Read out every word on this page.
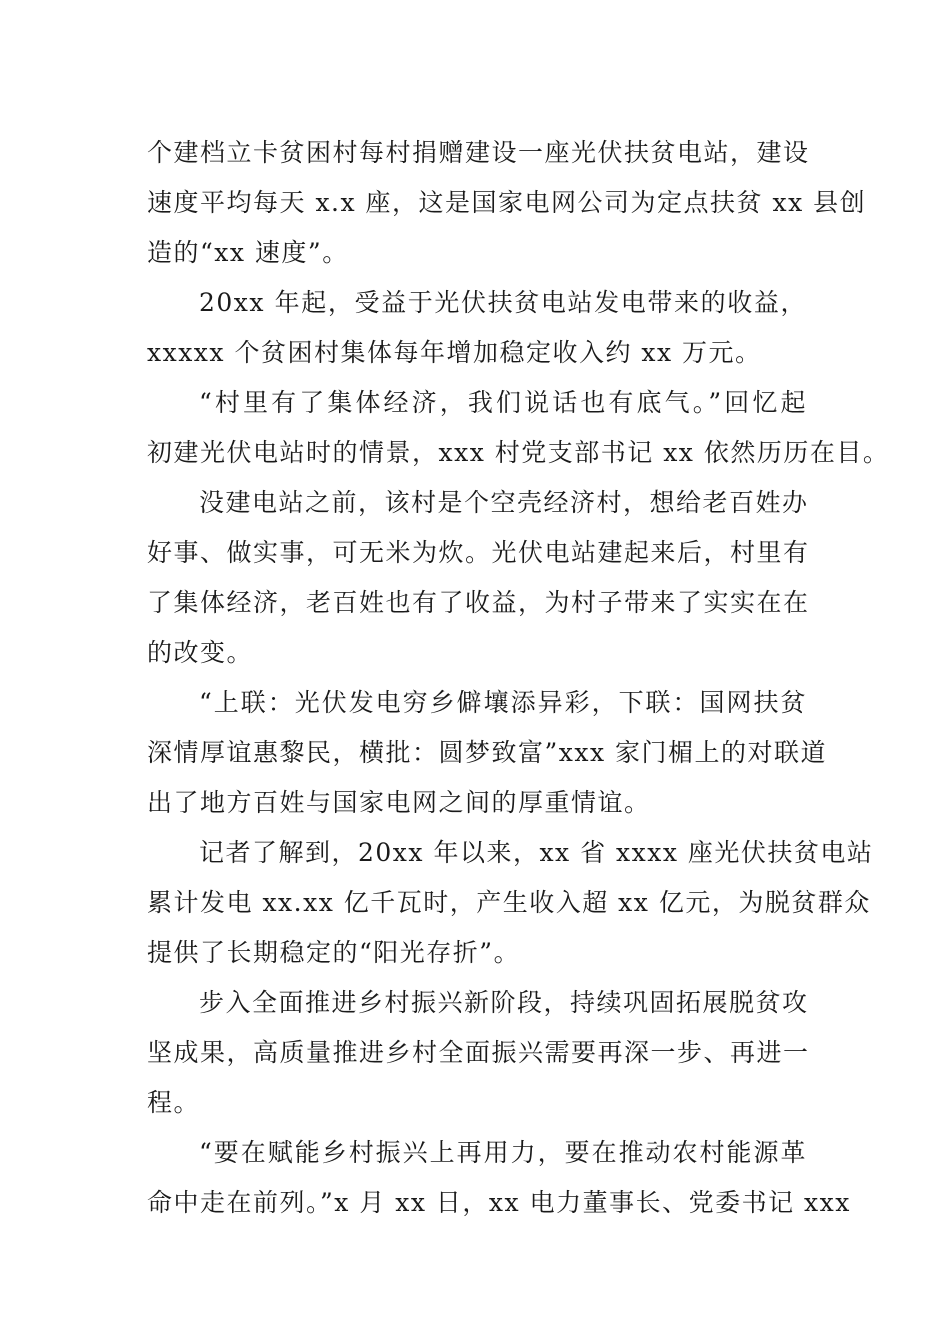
个建档立卡贫困村每村捐赠建设一座光伏扶贫电站，建设
速度平均每天 x.x 座，这是国家电网公司为定点扶贫 xx 县创
造的“xx 速度”。
20xx 年起，受益于光伏扶贫电站发电带来的收益，
xxxxx 个贫困村集体每年增加稳定收入约 xx 万元。
“村里有了集体经济，我们说话也有底气。”回忆起
初建光伏电站时的情景，xxx 村党支部书记 xx 依然历历在目。
没建电站之前，该村是个空壳经济村，想给老百姓办
好事、做实事，可无米为炊。光伏电站建起来后，村里有
了集体经济，老百姓也有了收益，为村子带来了实实在在
的改变。
“上联：光伏发电穷乡僻壤添异彩，下联：国网扶贫
深情厚谊惠黎民，横批：圆梦致富”xxx 家门楣上的对联道
出了地方百姓与国家电网之间的厚重情谊。
记者了解到，20xx 年以来，xx 省 xxxx 座光伏扶贫电站
累计发电 xx.xx 亿千瓦时，产生收入超 xx 亿元，为脱贫群众
提供了长期稳定的“阳光存折”。
步入全面推进乡村振兴新阶段，持续巩固拓展脱贫攻
坚成果，高质量推进乡村全面振兴需要再深一步、再进一
程。
“要在赋能乡村振兴上再用力，要在推动农村能源革
命中走在前列。”x 月 xx 日，xx 电力董事长、党委书记 xxx
